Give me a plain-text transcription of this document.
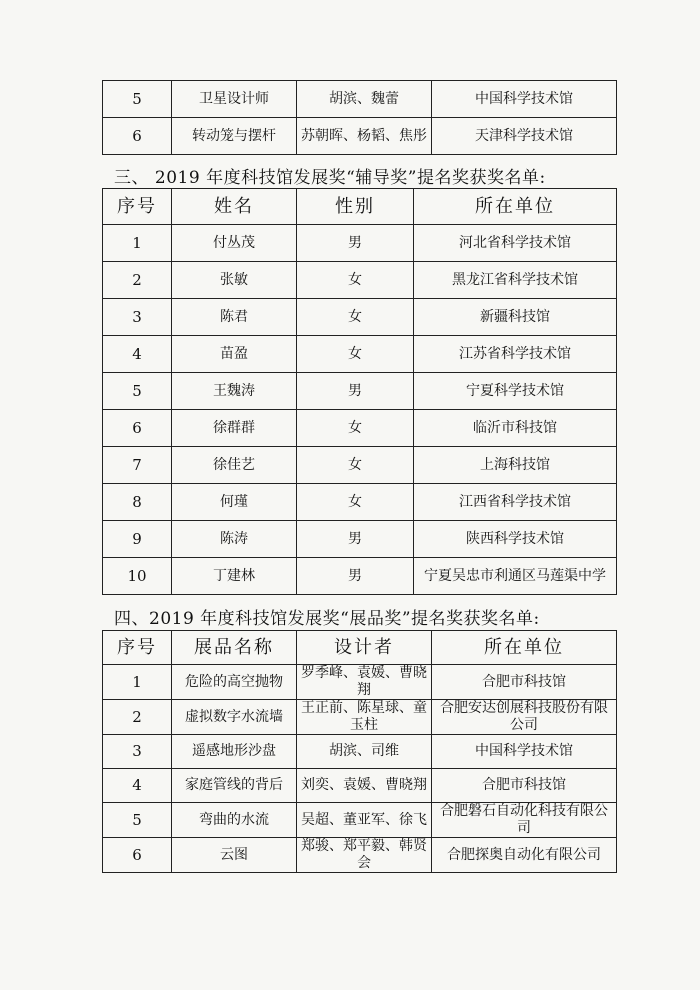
5	卫星设计师	胡滨、魏蕾	中国科学技术馆
6	转动笼与摆杆	苏朝晖、杨韬、焦彤	天津科学技术馆
三、 2019 年度科技馆发展奖“辅导奖”提名奖获奖名单:
序号	姓名	性别	所在单位
1	付丛茂	男	河北省科学技术馆
2	张敏	女	黑龙江省科学技术馆
3	陈君	女	新疆科技馆
4	苗盈	女	江苏省科学技术馆
5	王魏涛	男	宁夏科学技术馆
6	徐群群	女	临沂市科技馆
7	徐佳艺	女	上海科技馆
8	何瑾	女	江西省科学技术馆
9	陈涛	男	陕西科学技术馆
10	丁建林	男	宁夏吴忠市利通区马莲渠中学
四、2019 年度科技馆发展奖“展品奖”提名奖获奖名单:
序号	展品名称	设计者	所在单位
1	危险的高空抛物	罗季峰、袁媛、曹晓翔	合肥市科技馆
2	虚拟数字水流墙	王正前、陈星球、童玉柱	合肥安达创展科技股份有限公司
3	遥感地形沙盘	胡滨、司维	中国科学技术馆
4	家庭管线的背后	刘奕、袁媛、曹晓翔	合肥市科技馆
5	弯曲的水流	吴超、董亚军、徐飞	合肥磐石自动化科技有限公司
6	云图	郑骏、郑平毅、韩贤会	合肥探奥自动化有限公司
